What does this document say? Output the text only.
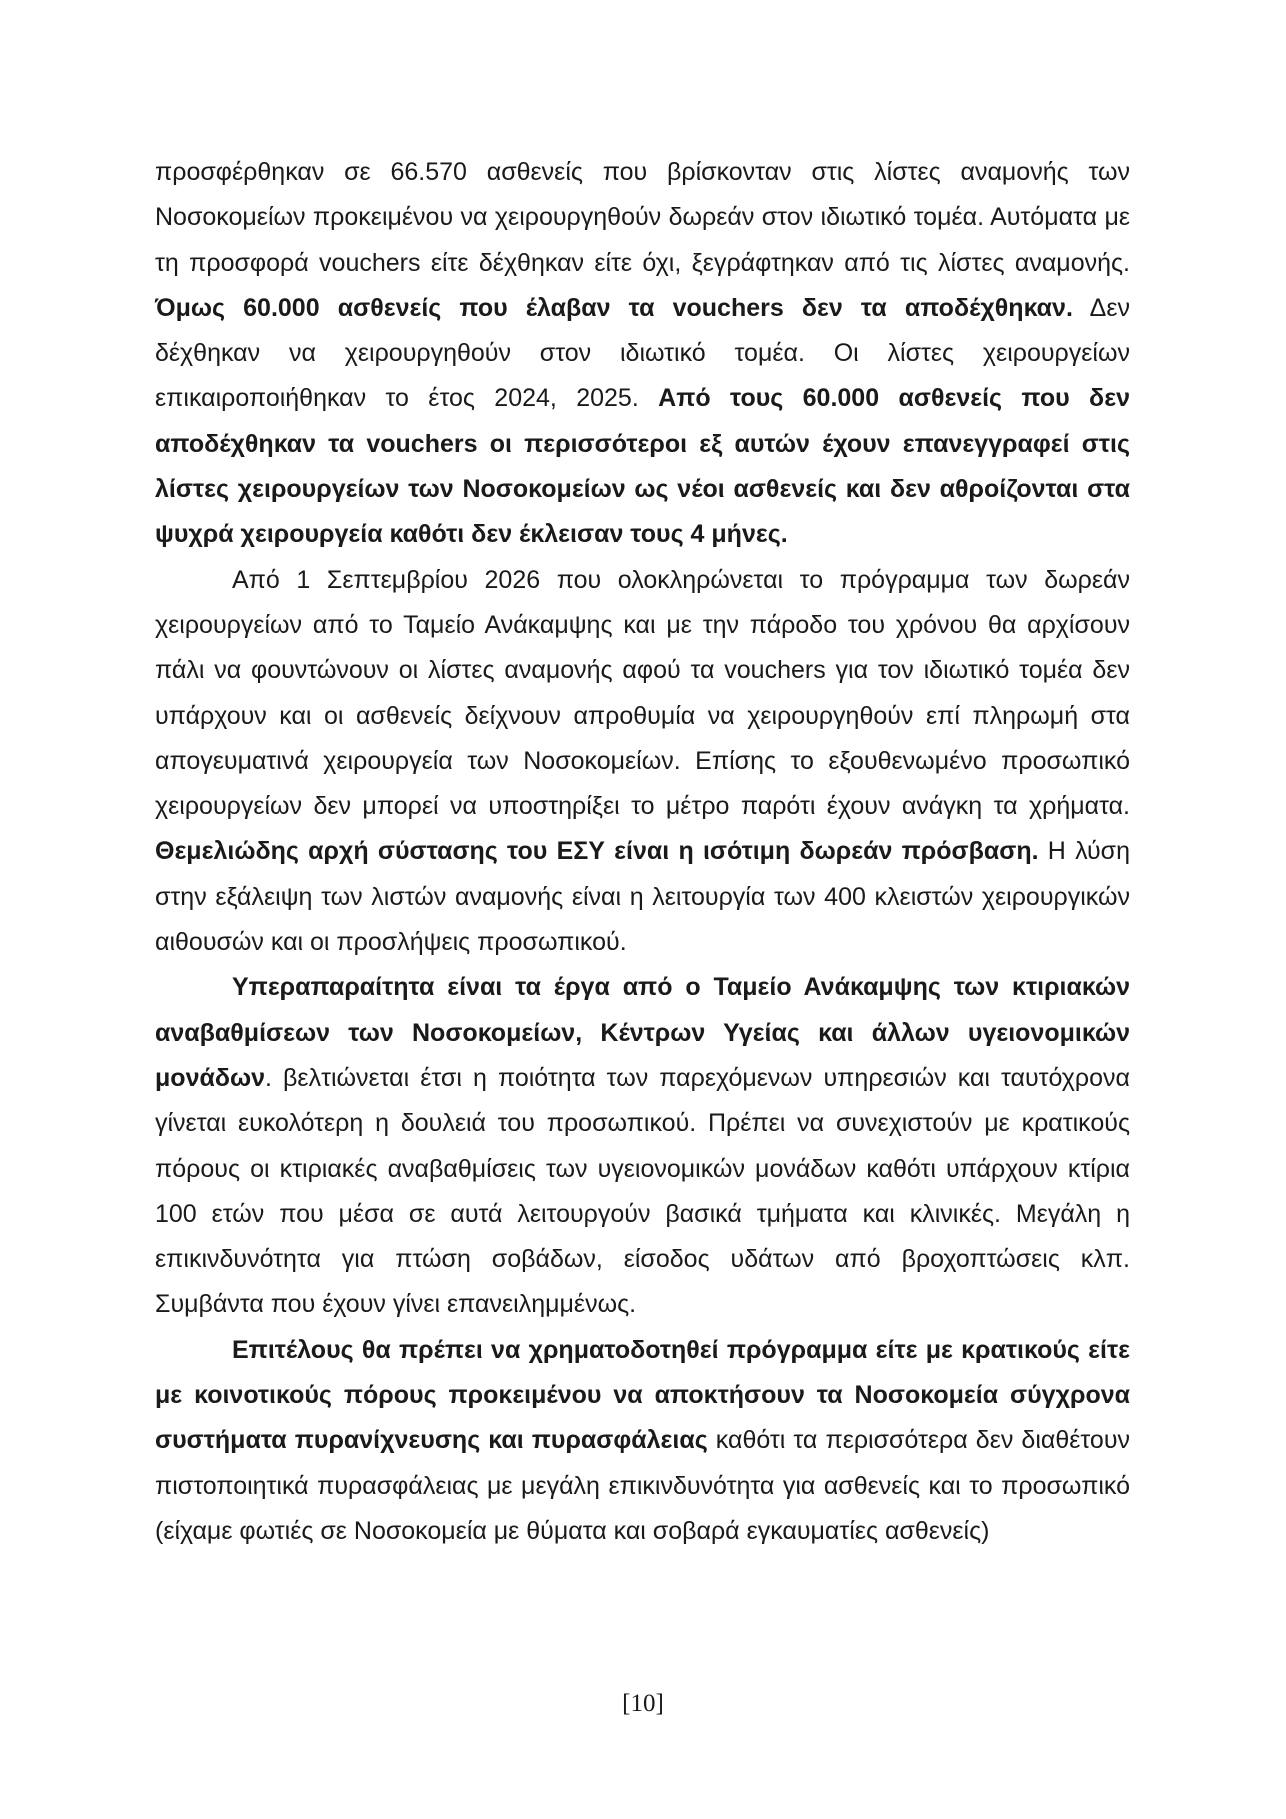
προσφέρθηκαν σε 66.570 ασθενείς που βρίσκονταν στις λίστες αναμονής των Νοσοκομείων προκειμένου να χειρουργηθούν δωρεάν στον ιδιωτικό τομέα. Αυτόματα με τη προσφορά vouchers είτε δέχθηκαν είτε όχι, ξεγράφτηκαν από τις λίστες αναμονής. Όμως 60.000 ασθενείς που έλαβαν τα vouchers δεν τα αποδέχθηκαν. Δεν δέχθηκαν να χειρουργηθούν στον ιδιωτικό τομέα. Οι λίστες χειρουργείων επικαιροποιήθηκαν το έτος 2024, 2025. Από τους 60.000 ασθενείς που δεν αποδέχθηκαν τα vouchers οι περισσότεροι εξ αυτών έχουν επανεγγραφεί στις λίστες χειρουργείων των Νοσοκομείων ως νέοι ασθενείς και δεν αθροίζονται στα ψυχρά χειρουργεία καθότι δεν έκλεισαν τους 4 μήνες.

Από 1 Σεπτεμβρίου 2026 που ολοκληρώνεται το πρόγραμμα των δωρεάν χειρουργείων από το Ταμείο Ανάκαμψης και με την πάροδο του χρόνου θα αρχίσουν πάλι να φουντώνουν οι λίστες αναμονής αφού τα vouchers για τον ιδιωτικό τομέα δεν υπάρχουν και οι ασθενείς δείχνουν απροθυμία να χειρουργηθούν επί πληρωμή στα απογευματινά χειρουργεία των Νοσοκομείων. Επίσης το εξουθενωμένο προσωπικό χειρουργείων δεν μπορεί να υποστηρίξει το μέτρο παρότι έχουν ανάγκη τα χρήματα. Θεμελιώδης αρχή σύστασης του ΕΣΥ είναι η ισότιμη δωρεάν πρόσβαση. Η λύση στην εξάλειψη των λιστών αναμονής είναι η λειτουργία των 400 κλειστών χειρουργικών αιθουσών και οι προσλήψεις προσωπικού.

Υπεραπαραίτητα είναι τα έργα από ο Ταμείο Ανάκαμψης των κτιριακών αναβαθμίσεων των Νοσοκομείων, Κέντρων Υγείας και άλλων υγειονομικών μονάδων. βελτιώνεται έτσι η ποιότητα των παρεχόμενων υπηρεσιών και ταυτόχρονα γίνεται ευκολότερη η δουλειά του προσωπικού. Πρέπει να συνεχιστούν με κρατικούς πόρους οι κτιριακές αναβαθμίσεις των υγειονομικών μονάδων καθότι υπάρχουν κτίρια 100 ετών που μέσα σε αυτά λειτουργούν βασικά τμήματα και κλινικές. Μεγάλη η επικινδυνότητα για πτώση σοβάδων, είσοδος υδάτων από βροχοπτώσεις κλπ. Συμβάντα που έχουν γίνει επανειλημμένως.

Επιτέλους θα πρέπει να χρηματοδοτηθεί πρόγραμμα είτε με κρατικούς είτε με κοινοτικούς πόρους προκειμένου να αποκτήσουν τα Νοσοκομεία σύγχρονα συστήματα πυρανίχνευσης και πυρασφάλειας καθότι τα περισσότερα δεν διαθέτουν πιστοποιητικά πυρασφάλειας με μεγάλη επικινδυνότητα για ασθενείς και το προσωπικό (είχαμε φωτιές σε Νοσοκομεία με θύματα και σοβαρά εγκαυματίες ασθενείς)

[10]
